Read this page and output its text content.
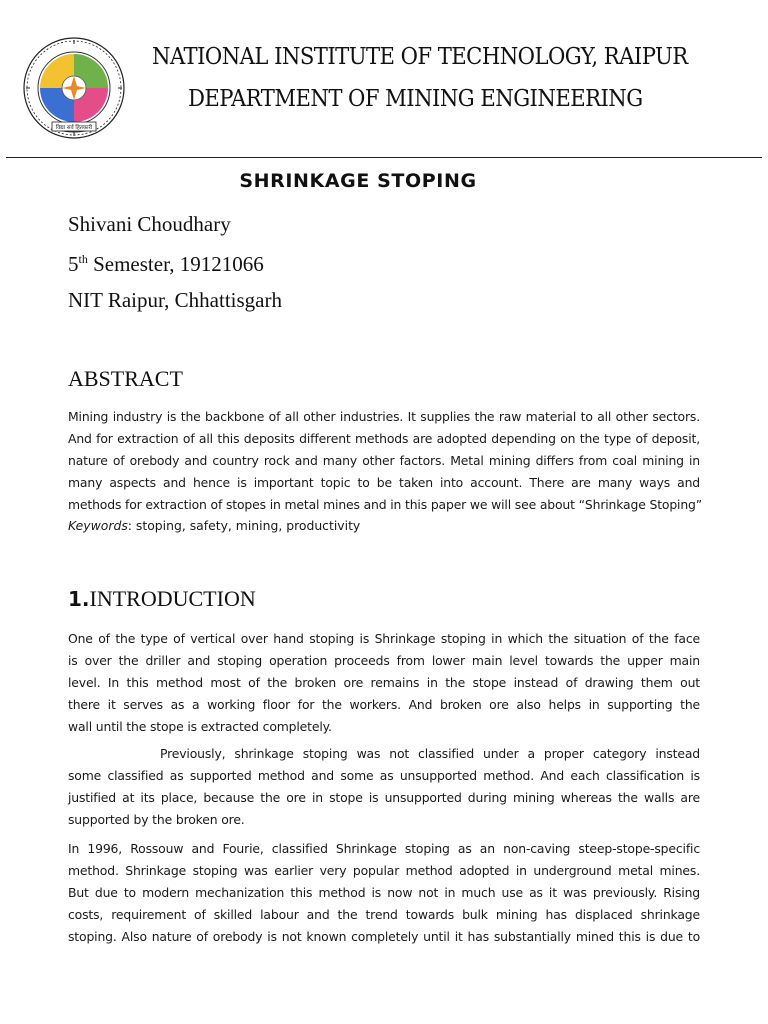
विद्या सर्व हितकारी
NATIONAL INSTITUTE OF TECHNOLOGY, RAIPUR
DEPARTMENT OF MINING ENGINEERING
SHRINKAGE STOPING
Shivani Choudhary
5th Semester, 19121066
NIT Raipur, Chhattisgarh
ABSTRACT
Mining industry is the backbone of all other industries. It supplies the raw material to all other sectors.
And for extraction of all this deposits different methods are adopted depending on the type of deposit,
nature of orebody and country rock and many other factors. Metal mining differs from coal mining in
many aspects and hence is important topic to be taken into account. There are many ways and
methods for extraction of stopes in metal mines and in this paper we will see about “Shrinkage Stoping”
Keywords: stoping, safety, mining, productivity
1.INTRODUCTION
One of the type of vertical over hand stoping is Shrinkage stoping in which the situation of the face
is over the driller and stoping operation proceeds from lower main level towards the upper main
level. In this method most of the broken ore remains in the stope instead of drawing them out
there it serves as a working floor for the workers. And broken ore also helps in supporting the
wall until the stope is extracted completely.
Previously, shrinkage stoping was not classified under a proper category instead
some classified as supported method and some as unsupported method. And each classification is
justified at its place, because the ore in stope is unsupported during mining whereas the walls are
supported by the broken ore.
In 1996, Rossouw and Fourie, classified Shrinkage stoping as an non-caving steep-stope-specific
method. Shrinkage stoping was earlier very popular method adopted in underground metal mines.
But due to modern mechanization this method is now not in much use as it was previously. Rising
costs, requirement of skilled labour and the trend towards bulk mining has displaced shrinkage
stoping. Also nature of orebody is not known completely until it has substantially mined this is due to
